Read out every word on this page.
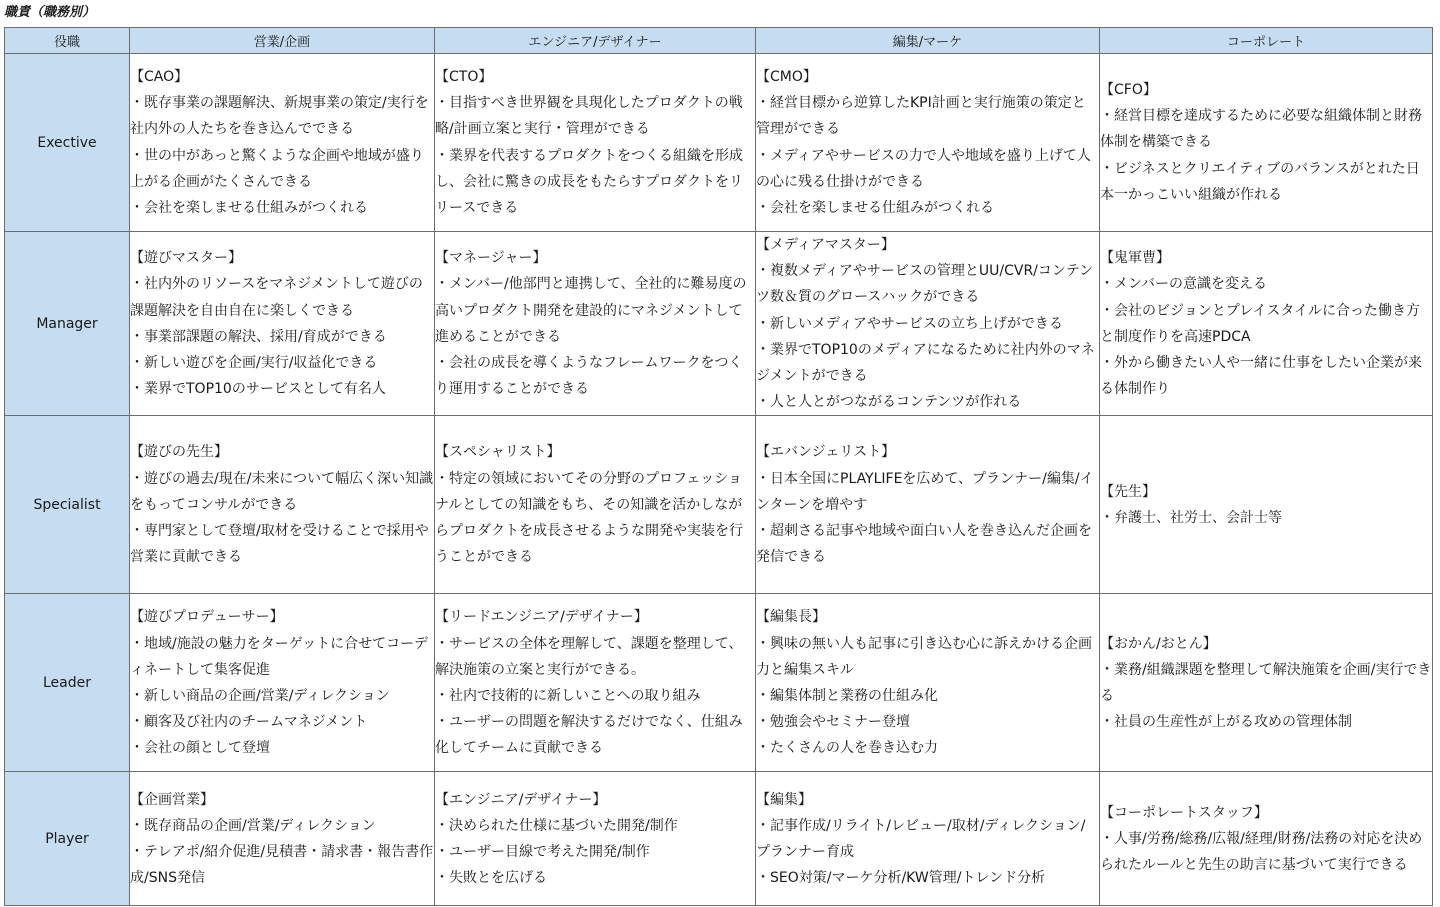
職責（職務別）
役職	営業/企画	エンジニア/デザイナー	編集/マーケ	コーポレート
Exective	【CAO】
・既存事業の課題解決、新規事業の策定/実行を社内外の人たちを巻き込んでできる
・世の中があっと驚くような企画や地域が盛り上がる企画がたくさんできる
・会社を楽しませる仕組みがつくれる	【CTO】
・目指すべき世界観を具現化したプロダクトの戦略/計画立案と実行・管理ができる
・業界を代表するプロダクトをつくる組織を形成し、会社に驚きの成長をもたらすプロダクトをリリースできる	【CMO】
・経営目標から逆算したKPI計画と実行施策の策定と管理ができる
・メディアやサービスの力で人や地域を盛り上げて人の心に残る仕掛けができる
・会社を楽しませる仕組みがつくれる	【CFO】
・経営目標を達成するために必要な組織体制と財務体制を構築できる
・ビジネスとクリエイティブのバランスがとれた日本一かっこいい組織が作れる

Manager	【遊びマスター】
・社内外のリソースをマネジメントして遊びの課題解決を自由自在に楽しくできる
・事業部課題の解決、採用/育成ができる
・新しい遊びを企画/実行/収益化できる
・業界でTOP10のサービスとして有名人	【マネージャー】
・メンバー/他部門と連携して、全社的に難易度の高いプロダクト開発を建設的にマネジメントして進めることができる
・会社の成長を導くようなフレームワークをつくり運用することができる	【メディアマスター】
・複数メディアやサービスの管理とUU/CVR/コンテンツ数＆質のグロースハックができる
・新しいメディアやサービスの立ち上げができる
・業界でTOP10のメディアになるために社内外のマネジメントができる
・人と人とがつながるコンテンツが作れる	【鬼軍曹】
・メンバーの意識を変える
・会社のビジョンとプレイスタイルに合った働き方と制度作りを高速PDCA
・外から働きたい人や一緒に仕事をしたい企業が来る体制作り

Specialist	【遊びの先生】
・遊びの過去/現在/未来について幅広く深い知識をもってコンサルができる
・専門家として登壇/取材を受けることで採用や営業に貢献できる	【スペシャリスト】
・特定の領域においてその分野のプロフェッショナルとしての知識をもち、その知識を活かしながらプロダクトを成長させるような開発や実装を行うことができる	【エバンジェリスト】
・日本全国にPLAYLIFEを広めて、プランナー/編集/インターンを増やす
・超刺さる記事や地域や面白い人を巻き込んだ企画を発信できる	【先生】
・弁護士、社労士、会計士等

Leader	【遊びプロデューサー】
・地域/施設の魅力をターゲットに合せてコーディネートして集客促進
・新しい商品の企画/営業/ディレクション
・顧客及び社内のチームマネジメント
・会社の顔として登壇	【リードエンジニア/デザイナー】
・サービスの全体を理解して、課題を整理して、解決施策の立案と実行ができる。
・社内で技術的に新しいことへの取り組み
・ユーザーの問題を解決するだけでなく、仕組み化してチームに貢献できる	【編集長】
・興味の無い人も記事に引き込む心に訴えかける企画力と編集スキル
・編集体制と業務の仕組み化
・勉強会やセミナー登壇
・たくさんの人を巻き込む力	【おかん/おとん】
・業務/組織課題を整理して解決施策を企画/実行できる
・社員の生産性が上がる攻めの管理体制

Player	【企画営業】
・既存商品の企画/営業/ディレクション
・テレアポ/紹介促進/見積書・請求書・報告書作成/SNS発信	【エンジニア/デザイナー】
・決められた仕様に基づいた開発/制作
・ユーザー目線で考えた開発/制作
・失敗とを広げる	【編集】
・記事作成/リライト/レビュー/取材/ディレクション/プランナー育成
・SEO対策/マーケ分析/KW管理/トレンド分析	【コーポレートスタッフ】
・人事/労務/総務/広報/経理/財務/法務の対応を決められたルールと先生の助言に基づいて実行できる
